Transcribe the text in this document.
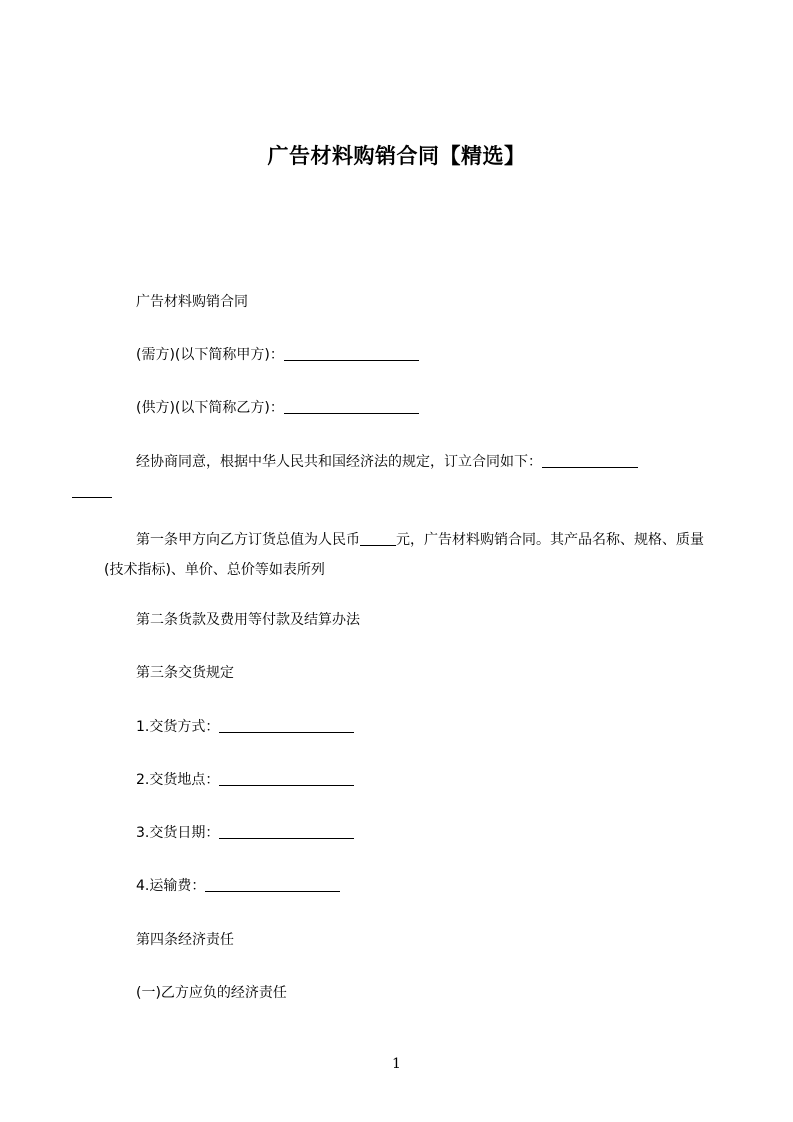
广告材料购销合同【精选】
广告材料购销合同
(需方)(以下简称甲方)：
(供方)(以下简称乙方)：
经协商同意，根据中华人民共和国经济法的规定，订立合同如下：

第一条甲方向乙方订货总值为人民币	元，广告材料购销合同。其产品名称、规格、质量(技术指标)、单价、总价等如表所列
第二条货款及费用等付款及结算办法
第三条交货规定
1.交货方式：
2.交货地点：
3.交货日期：
4.运输费：
第四条经济责任
(一)乙方应负的经济责任
1
